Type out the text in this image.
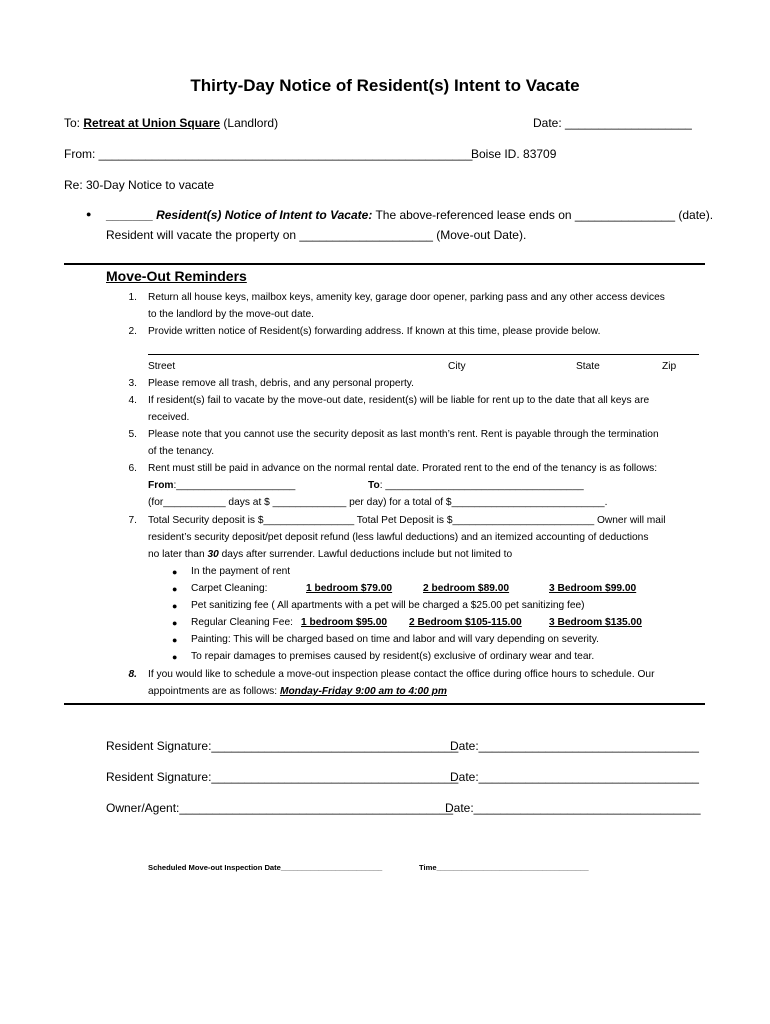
Thirty-Day Notice of Resident(s) Intent to Vacate
To: Retreat at Union Square (Landlord)	Date: ___________________
From: ________________________________________________________
Boise ID. 83709
Re: 30-Day Notice to vacate
● _______ Resident(s) Notice of Intent to Vacate: The above-referenced lease ends on _______________ (date).
Resident will vacate the property on ____________________ (Move-out Date).
Move-Out Reminders
1. Return all house keys, mailbox keys, amenity key, garage door opener, parking pass and any other access devices
to the landlord by the move-out date.
2. Provide written notice of Resident(s) forwarding address. If known at this time, please provide below.
Street	City	State	Zip
3. Please remove all trash, debris, and any personal property.
4. If resident(s) fail to vacate by the move-out date, resident(s) will be liable for rent up to the date that all keys are
received.
5. Please note that you cannot use the security deposit as last month’s rent. Rent is payable through the termination
of the tenancy.
6. Rent must still be paid in advance on the normal rental date. Prorated rent to the end of the tenancy is as follows:
From:_____________________	To: ___________________________________
(for___________ days at $ _____________ per day) for a total of $___________________________.
7. Total Security deposit is $________________ Total Pet Deposit is $_________________________ Owner will mail
resident’s security deposit/pet deposit refund (less lawful deductions) and an itemized accounting of deductions
no later than 30 days after surrender. Lawful deductions include but not limited to
● In the payment of rent
● Carpet Cleaning:	1 bedroom $79.00	2 bedroom $89.00	3 Bedroom $99.00
● Pet sanitizing fee ( All apartments with a pet will be charged a $25.00 pet sanitizing fee)
● Regular Cleaning Fee: 1 bedroom $95.00 2 Bedroom $105-115.00	3 Bedroom $135.00
● Painting: This will be charged based on time and labor and will vary depending on severity.
● To repair damages to premises caused by resident(s) exclusive of ordinary wear and tear.
8. If you would like to schedule a move-out inspection please contact the office during office hours to schedule. Our
appointments are as follows: Monday-Friday 9:00 am to 4:00 pm
Resident Signature:_____________________________________
Date:_________________________________
Resident Signature:_____________________________________
Date:_________________________________
Owner/Agent:_________________________________________
Date:__________________________________
Scheduled Move-out Inspection Date________________________	Time____________________________________
